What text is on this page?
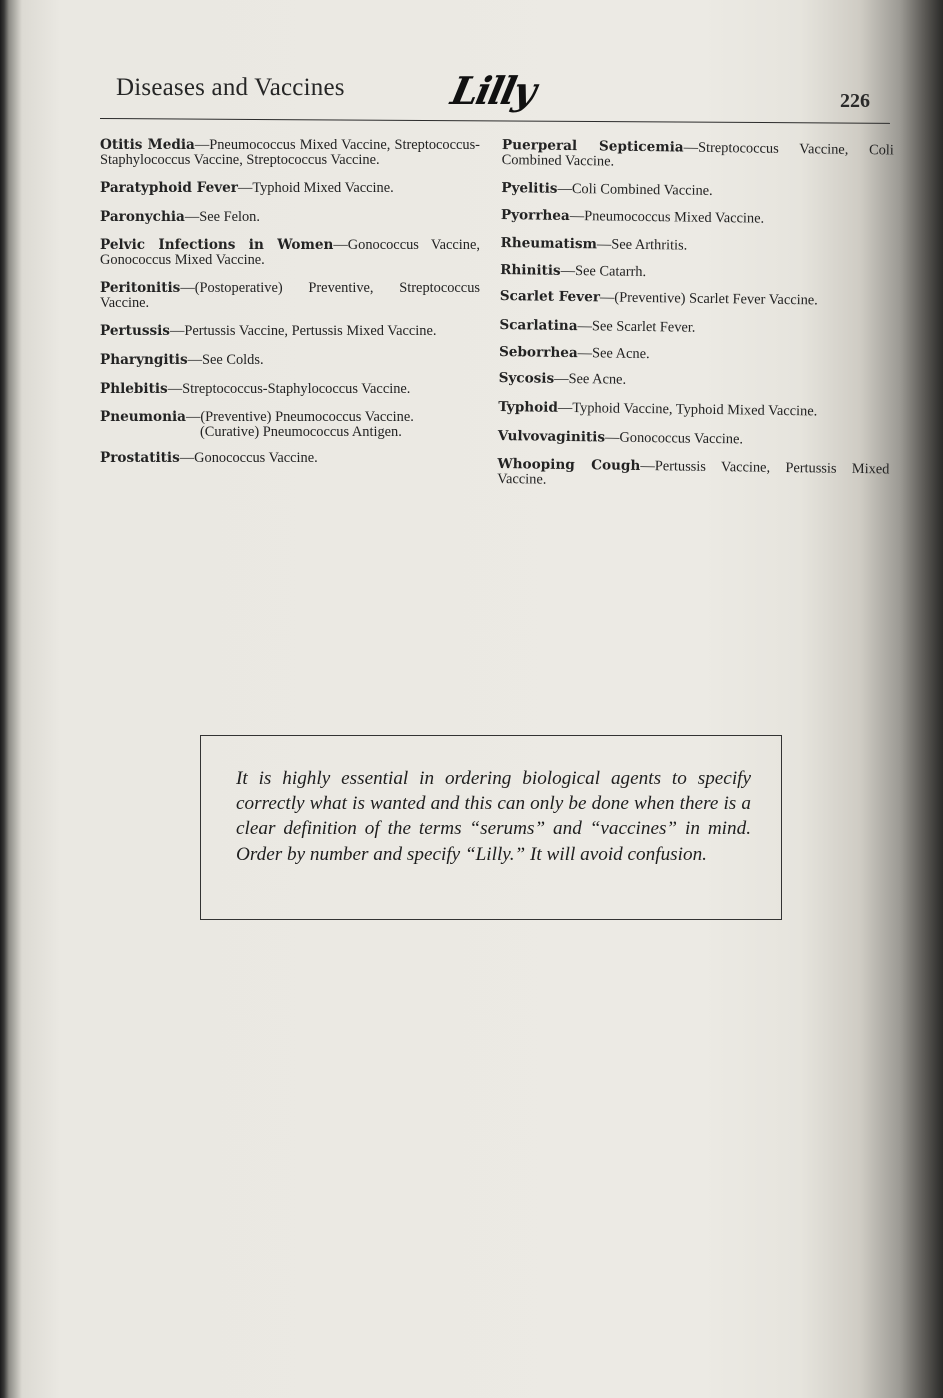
Diseases and Vaccines	Lilly	226

Otitis Media—Pneumococcus Mixed Vaccine, Streptococcus-Staphylococcus Vaccine, Streptococcus Vaccine.

Paratyphoid Fever—Typhoid Mixed Vaccine.

Paronychia—See Felon.

Pelvic Infections in Women—Gonococcus Vaccine, Gonococcus Mixed Vaccine.

Peritonitis—(Postoperative) Preventive, Streptococcus Vaccine.

Pertussis—Pertussis Vaccine, Pertussis Mixed Vaccine.

Pharyngitis—See Colds.

Phlebitis—Streptococcus-Staphylococcus Vaccine.

Pneumonia—(Preventive) Pneumococcus Vaccine.
(Curative) Pneumococcus Antigen.

Prostatitis—Gonococcus Vaccine.

Puerperal Septicemia—Streptococcus Vaccine, Coli Combined Vaccine.

Pyelitis—Coli Combined Vaccine.

Pyorrhea—Pneumococcus Mixed Vaccine.

Rheumatism—See Arthritis.

Rhinitis—See Catarrh.

Scarlet Fever—(Preventive) Scarlet Fever Vaccine.

Scarlatina—See Scarlet Fever.

Seborrhea—See Acne.

Sycosis—See Acne.

Typhoid—Typhoid Vaccine, Typhoid Mixed Vaccine.

Vulvovaginitis—Gonococcus Vaccine.

Whooping Cough—Pertussis Vaccine, Pertussis Mixed Vaccine.

It is highly essential in ordering biological agents to specify correctly what is wanted and this can only be done when there is a clear definition of the terms “serums” and “vaccines” in mind. Order by number and specify “Lilly.” It will avoid confusion.
